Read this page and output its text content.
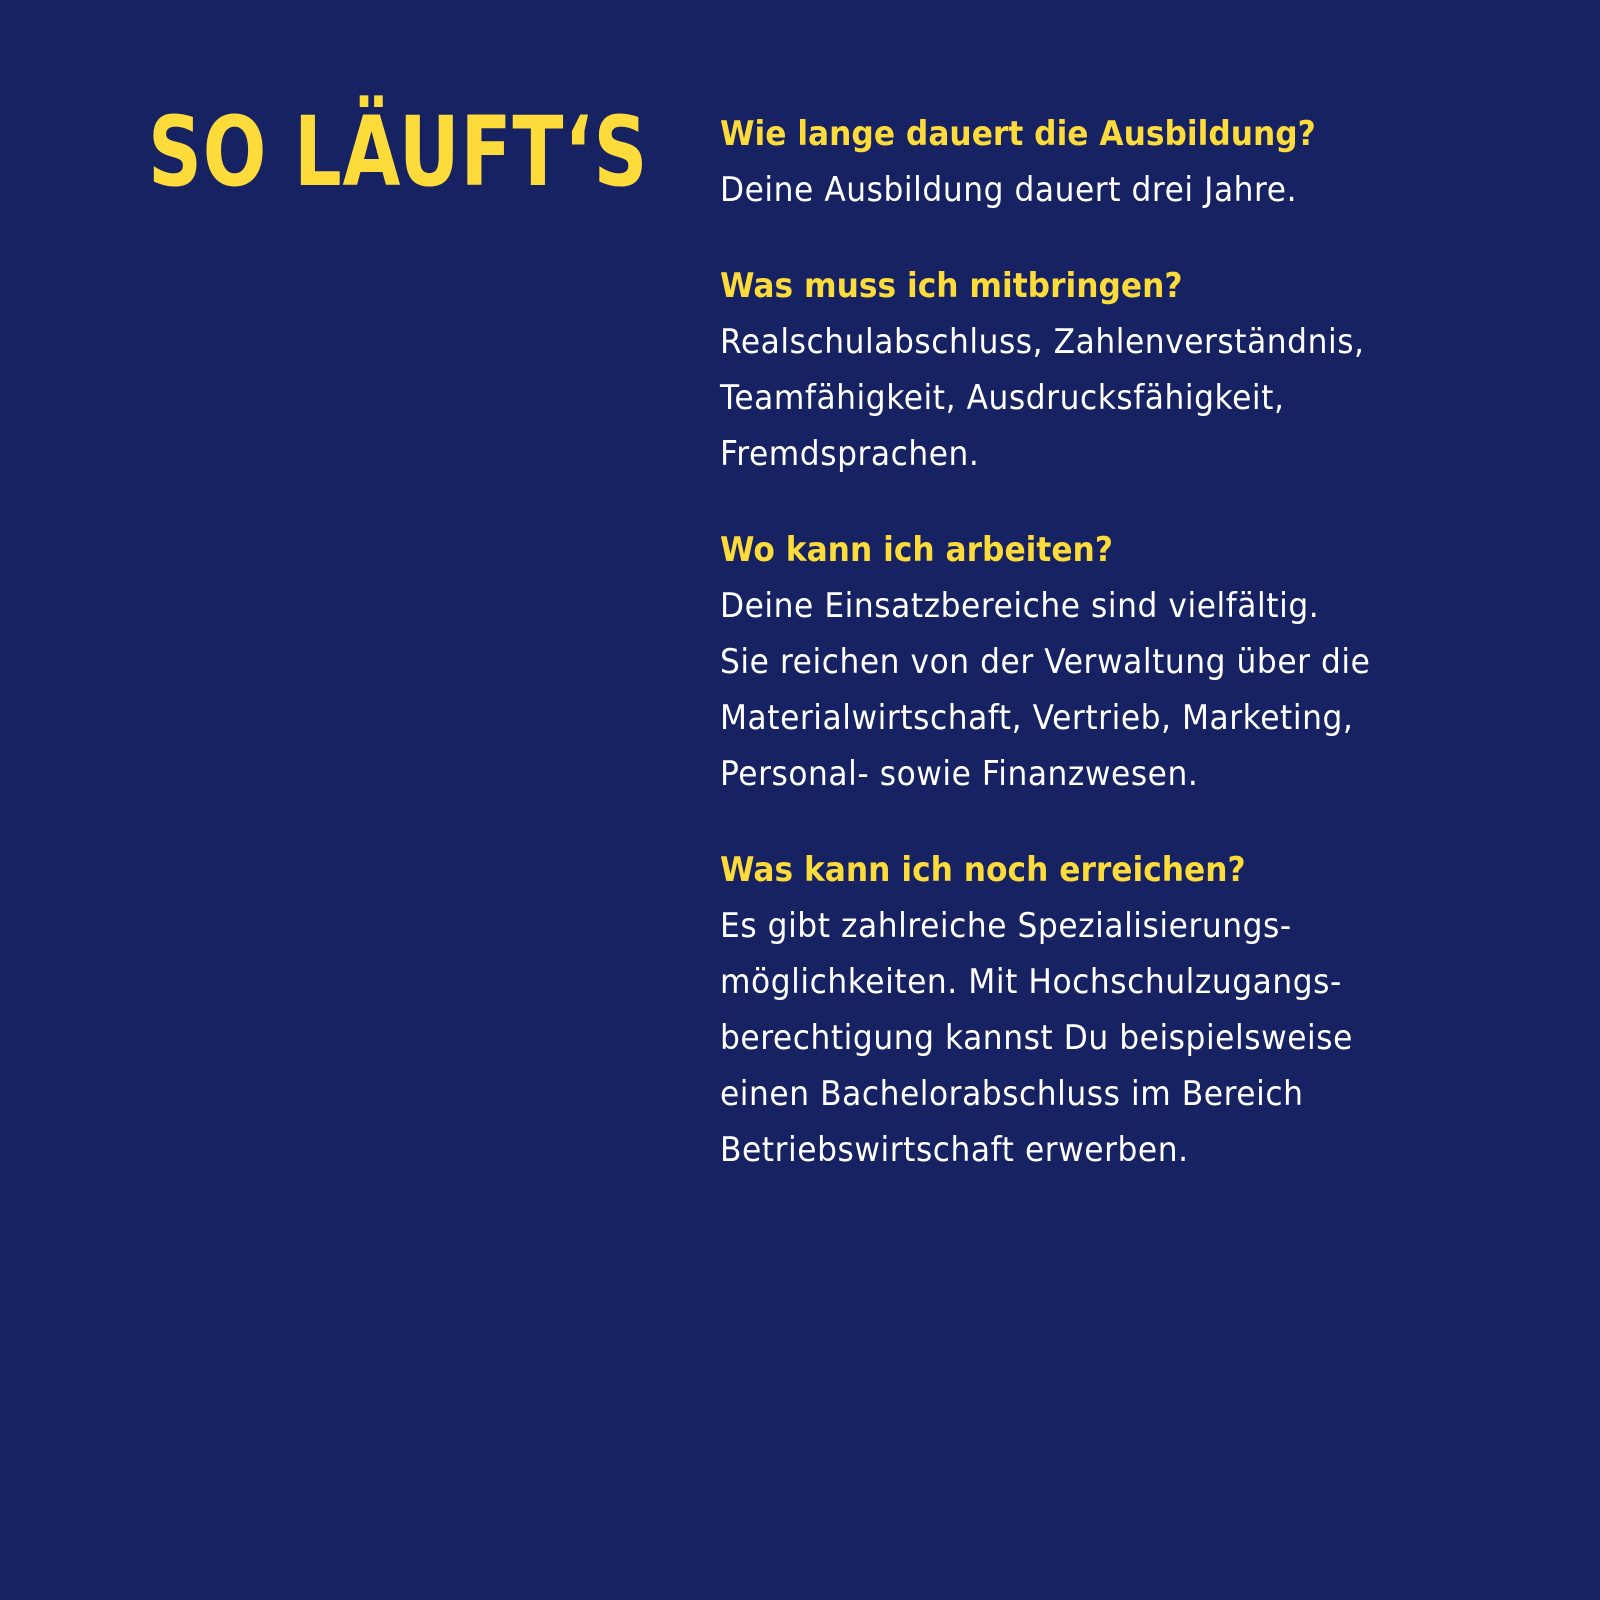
SO LÄUFT‘S Wie lange dauert die Ausbildung?

Deine Ausbildung dauert drei Jahre.

Was muss ich mitbringen?

Realschulabschluss, Zahlenverständnis,

Teamfähigkeit, Ausdrucksfähigkeit,

Fremdsprachen.

Wo kann ich arbeiten?

Deine Einsatzbereiche sind vielfältig.

Sie reichen von der Verwaltung über die

Materialwirtschaft, Vertrieb, Marketing,

Personal- sowie Finanzwesen.

Was kann ich noch erreichen?

Es gibt zahlreiche Spezialisierungs-

möglichkeiten. Mit Hochschulzugangs-

berechtigung kannst Du beispielsweise

einen Bachelorabschluss im Bereich

Betriebswirtschaft erwerben.
